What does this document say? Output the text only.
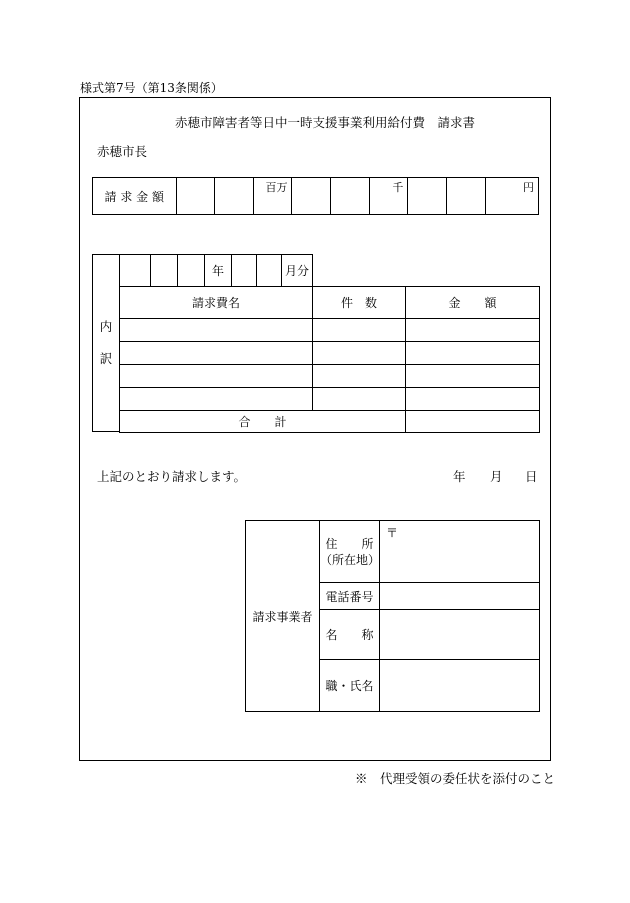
様式第7号（第13条関係）
赤穂市障害者等日中一時支援事業利用給付費　請求書
赤穂市長
請 求 金 額			
百万			千			円
内
訳
			年			月分
請求費名	件　数	金　　額

合　　計		
上記のとおり請求します。	年 月 日
請求事業者	住　　所
（所在地）	〒
	電話番号	
	名　　称	
	職・氏名	
※　代理受領の委任状を添付のこと
